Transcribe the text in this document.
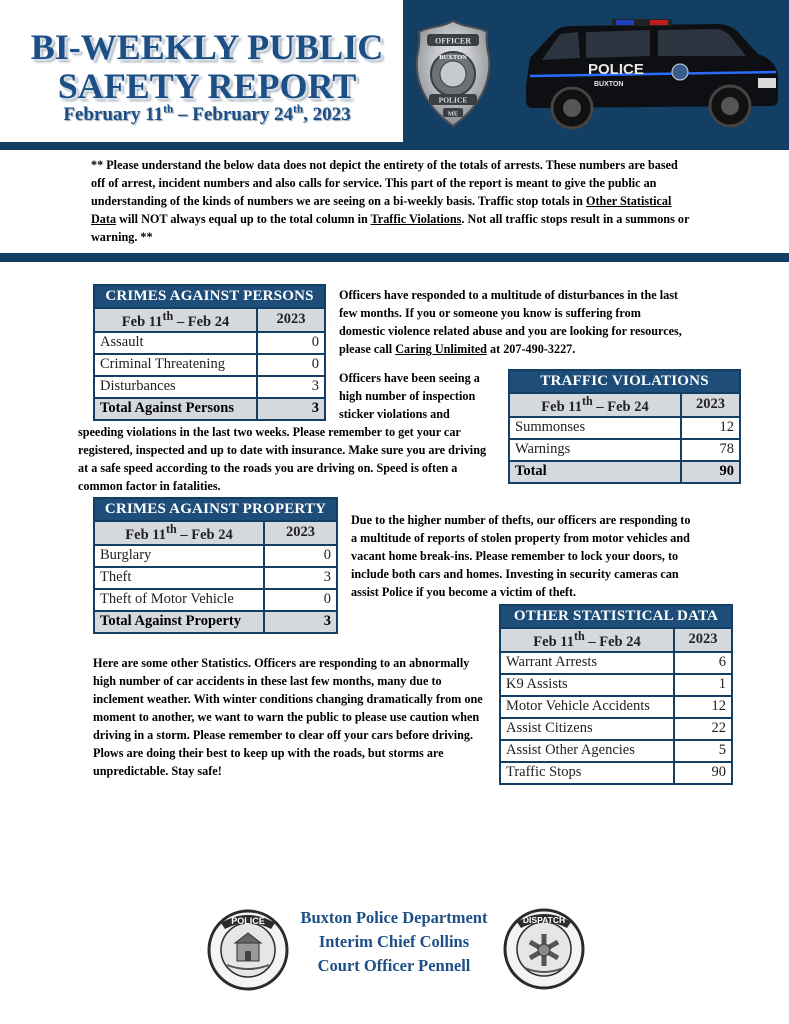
BI-WEEKLY PUBLIC
SAFETY REPORT
February 11th – February 24th, 2023
OFFICER
BUXTON
POLICE
ME
POLICE
BUXTON
** Please understand the below data does not depict the entirety of the totals of arrests. These numbers are based off of arrest, incident numbers and also calls for service. This part of the report is meant to give the public an understanding of the kinds of numbers we are seeing on a bi-weekly basis. Traffic stop totals in Other Statistical Data will NOT always equal up to the total column in Traffic Violations. Not all traffic stops result in a summons or warning. **
CRIMES AGAINST PERSONS	
Feb 11th – Feb 24	2023
Assault	0
Criminal Threatening	0
Disturbances	3
Total Against Persons	3
Officers have responded to a multitude of disturbances in the last few months. If you or someone you know is suffering from domestic violence related abuse and you are looking for resources, please call Caring Unlimited at 207-490-3227.
Officers have been seeing a
high number of inspection
sticker violations and
speeding violations in the last two weeks. Please remember to get your car registered, inspected and up to date with insurance. Make sure you are driving at a safe speed according to the roads you are driving on. Speed is often a common factor in fatalities.
TRAFFIC VIOLATIONS	
Feb 11th – Feb 24	2023
Summonses	12
Warnings	78
Total	90
CRIMES AGAINST PROPERTY	
Feb 11th – Feb 24	2023
Burglary	0
Theft	3
Theft of Motor Vehicle	0
Total Against Property	3
Due to the higher number of thefts, our officers are responding to a multitude of reports of stolen property from motor vehicles and vacant home break-ins. Please remember to lock your doors, to include both cars and homes. Investing in security cameras can assist Police if you become a victim of theft.
Here are some other Statistics. Officers are responding to an abnormally high number of car accidents in these last few months, many due to inclement weather. With winter conditions changing dramatically from one moment to another, we want to warn the public to please use caution when driving in a storm. Please remember to clear off your cars before driving. Plows are doing their best to keep up with the roads, but storms are unpredictable. Stay safe!
OTHER STATISTICAL DATA	
Feb 11th – Feb 24	2023
Warrant Arrests	6
K9 Assists	1
Motor Vehicle Accidents	12
Assist Citizens	22
Assist Other Agencies	5
Traffic Stops	90
POLICE	Buxton Police Department
Interim Chief Collins
Court Officer Pennell
DISPATCH
